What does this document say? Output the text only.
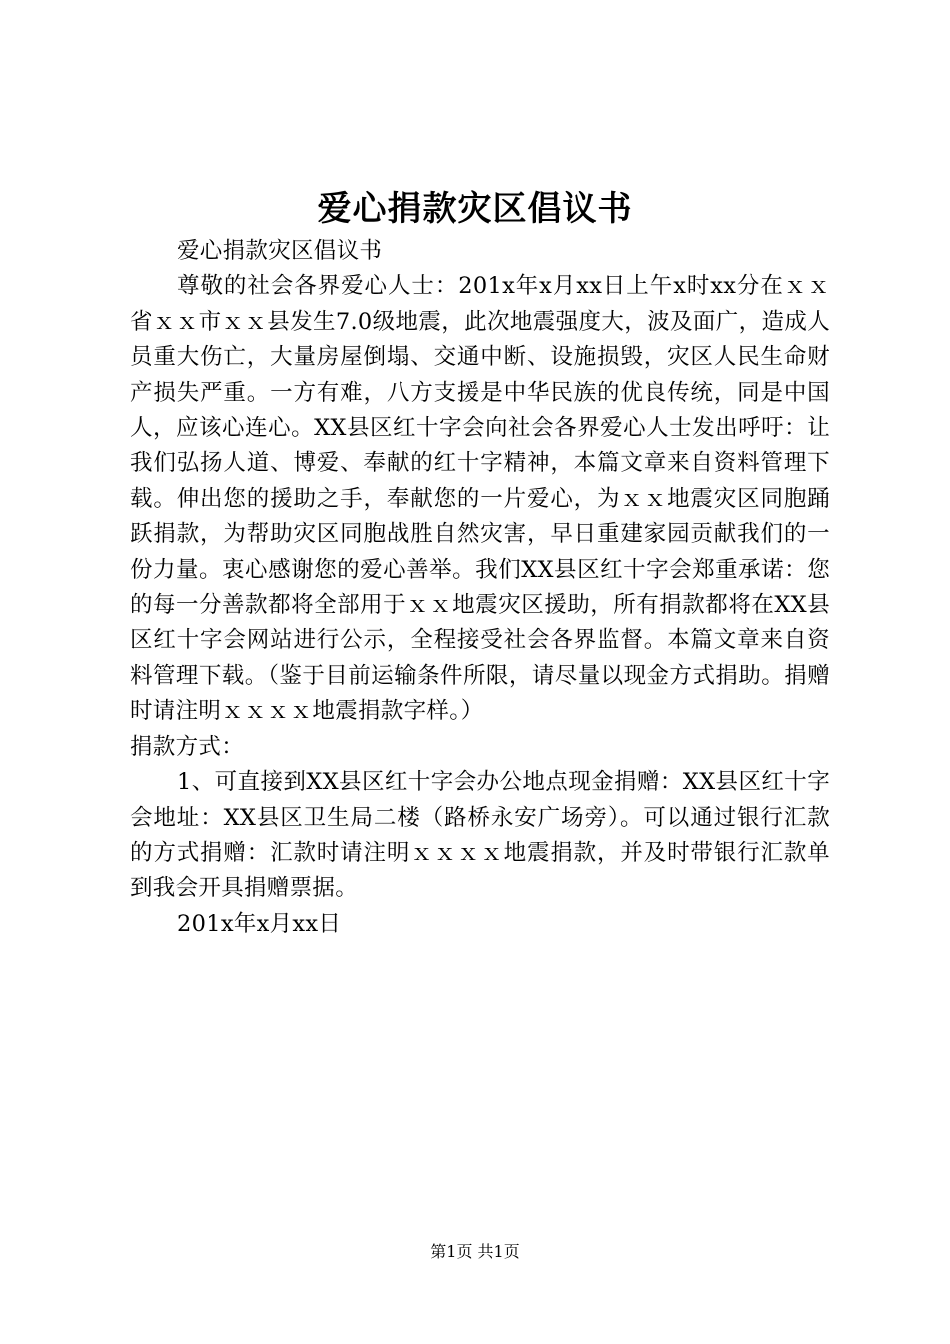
爱心捐款灾区倡议书

爱心捐款灾区倡议书

尊敬的社会各界爱心人士：201x年x月xx日上午x时xx分在ｘｘ省ｘｘ市ｘｘ县发生7.0级地震，此次地震强度大，波及面广，造成人员重大伤亡，大量房屋倒塌、交通中断、设施损毁，灾区人民生命财产损失严重。一方有难，八方支援是中华民族的优良传统，同是中国人，应该心连心。XX县区红十字会向社会各界爱心人士发出呼吁：让我们弘扬人道、博爱、奉献的红十字精神，本篇文章来自资料管理下载。伸出您的援助之手，奉献您的一片爱心，为ｘｘ地震灾区同胞踊跃捐款，为帮助灾区同胞战胜自然灾害，早日重建家园贡献我们的一份力量。衷心感谢您的爱心善举。我们XX县区红十字会郑重承诺：您的每一分善款都将全部用于ｘｘ地震灾区援助，所有捐款都将在XX县区红十字会网站进行公示，全程接受社会各界监督。本篇文章来自资料管理下载。（鉴于目前运输条件所限，请尽量以现金方式捐助。捐赠时请注明ｘｘｘｘ地震捐款字样。）

捐款方式：

1、可直接到XX县区红十字会办公地点现金捐赠：XX县区红十字会地址：XX县区卫生局二楼（路桥永安广场旁）。可以通过银行汇款的方式捐赠：汇款时请注明ｘｘｘｘ地震捐款，并及时带银行汇款单到我会开具捐赠票据。

201x年x月xx日

第1页 共1页
